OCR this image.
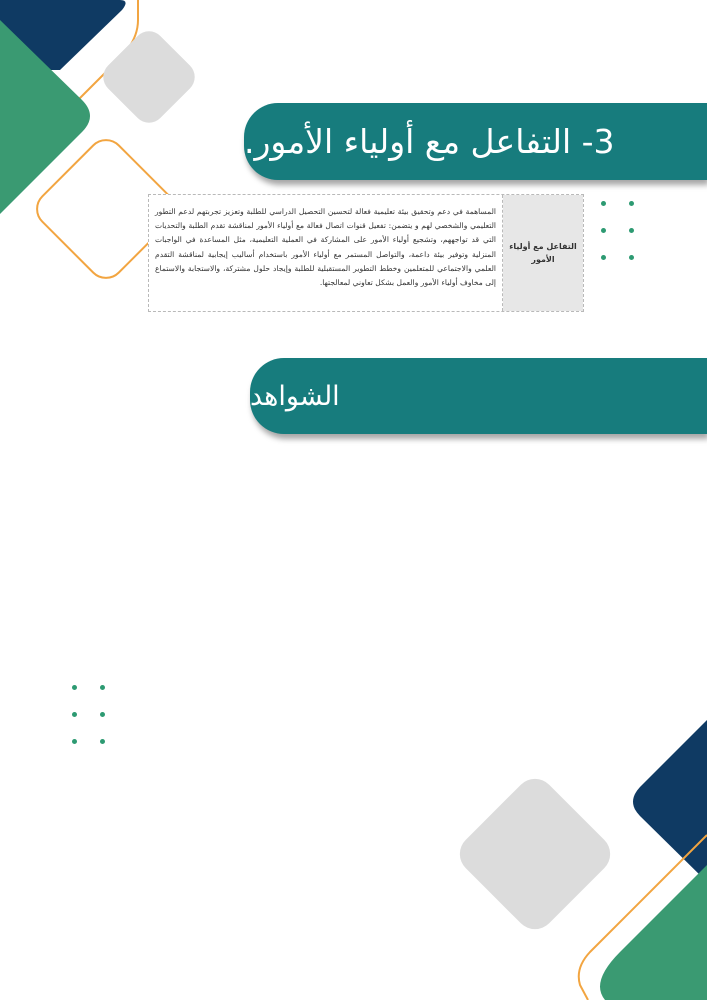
3- التفاعل مع أولياء الأمور.
المساهمة في دعم وتحقيق بيئة تعليمية فعالة لتحسين التحصيل الدراسي للطلبة وتعزيز تجربتهم لدعم التطور التعليمي والشخصي لهم و يتضمن: تفعيل قنوات اتصال فعالة مع أولياء الأمور لمناقشة تقدم الطلبة والتحديات التي قد تواجههم، وتشجيع أولياء الأمور على المشاركة في العملية التعليمية، مثل المساعدة في الواجبات المنزلية وتوفير بيئة داعمة، والتواصل المستمر مع أولياء الأمور باستخدام أساليب إيجابية لمناقشة التقدم العلمي والاجتماعي للمتعلمين وخطط التطوير المستقبلية للطلبة وإيجاد حلول مشتركة، والاستجابة والاستماع إلى مخاوف أولياء الأمور والعمل بشكل تعاوني لمعالجتها.
التفاعل مع أولياء الأمور
الشواهد
